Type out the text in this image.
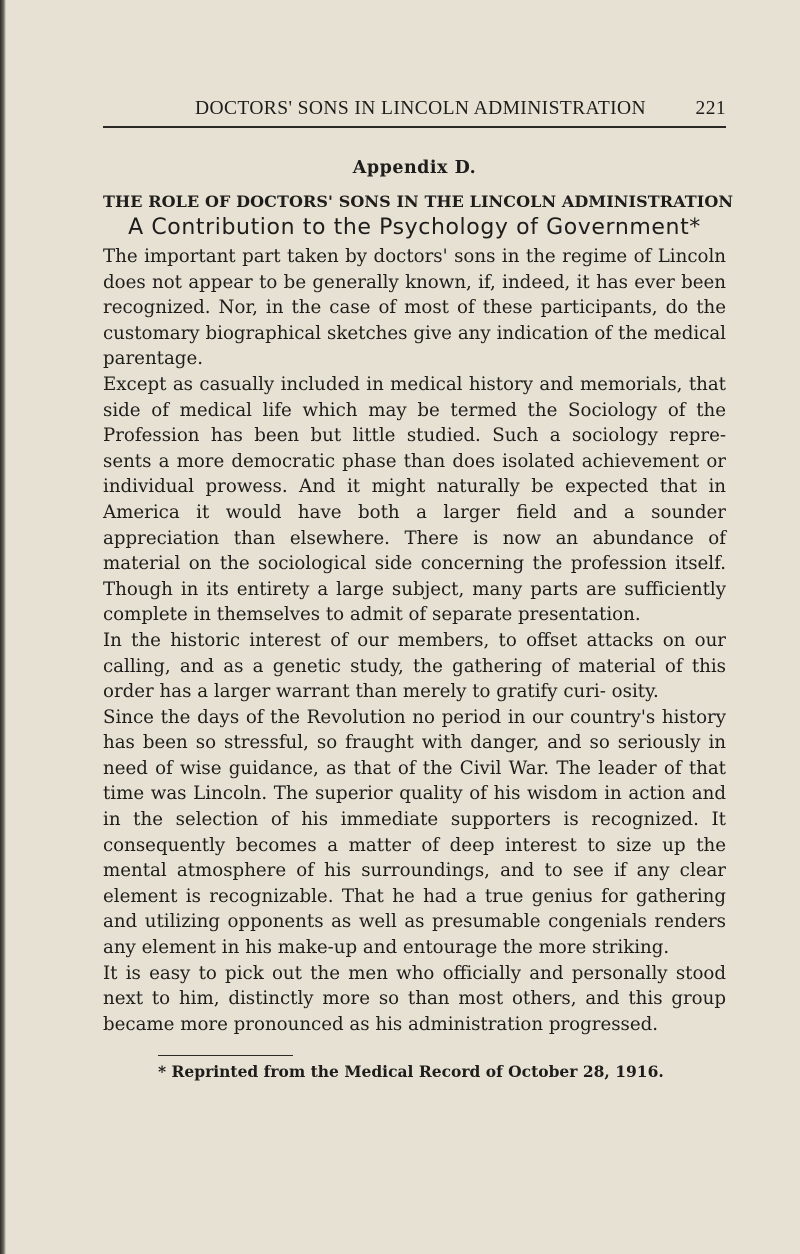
DOCTORS' SONS IN LINCOLN ADMINISTRATION	221
Appendix D.
THE ROLE OF DOCTORS' SONS IN THE LINCOLN ADMINISTRATION
A Contribution to the Psychology of Government*

The important part taken by doctors' sons in the regime of Lincoln does not appear to be generally known, if, indeed, it has ever been recognized. Nor, in the case of most of these participants, do the customary biographical sketches give any indication of the medical parentage.

Except as casually included in medical history and memorials, that side of medical life which may be termed the Sociology of the Profession has been but little studied. Such a sociology repre- sents a more democratic phase than does isolated achievement or individual prowess. And it might naturally be expected that in America it would have both a larger field and a sounder appreciation than elsewhere. There is now an abundance of material on the sociological side concerning the profession itself. Though in its entirety a large subject, many parts are sufficiently complete in themselves to admit of separate presentation.

In the historic interest of our members, to offset attacks on our calling, and as a genetic study, the gathering of material of this order has a larger warrant than merely to gratify curi- osity.

Since the days of the Revolution no period in our country's history has been so stressful, so fraught with danger, and so seriously in need of wise guidance, as that of the Civil War. The leader of that time was Lincoln. The superior quality of his wisdom in action and in the selection of his immediate supporters is recognized. It consequently becomes a matter of deep interest to size up the mental atmosphere of his surroundings, and to see if any clear element is recognizable. That he had a true genius for gathering and utilizing opponents as well as presumable congenials renders any element in his make-up and entourage the more striking.

It is easy to pick out the men who officially and personally stood next to him, distinctly more so than most others, and this group became more pronounced as his administration progressed.

* Reprinted from the Medical Record of October 28, 1916.
